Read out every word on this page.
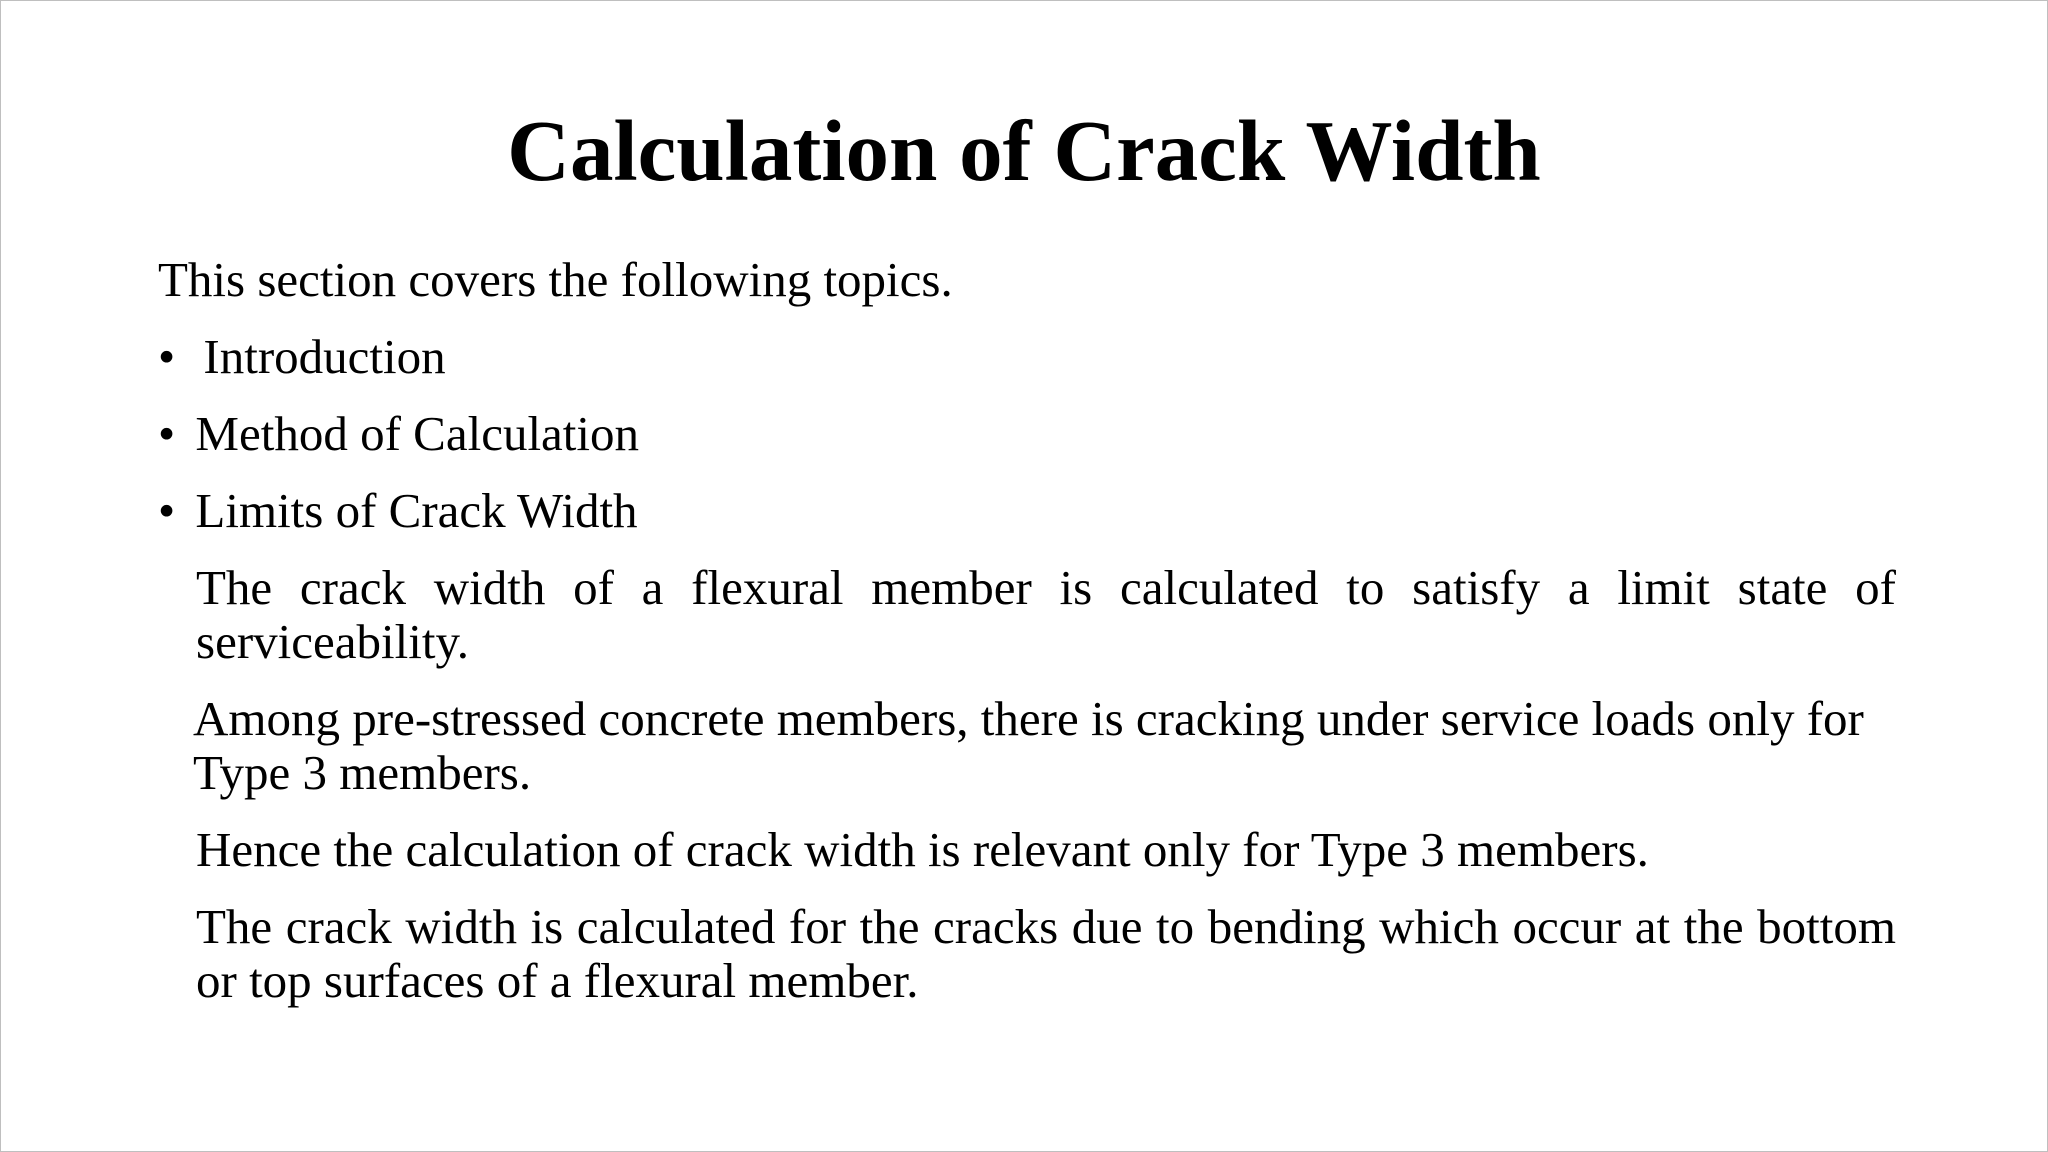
Calculation of Crack Width
This section covers the following topics.
• Introduction
• Method of Calculation
• Limits of Crack Width
The crack width of a flexural member is calculated to satisfy a limit state of serviceability.
Among pre-stressed concrete members, there is cracking under service loads only for Type 3 members.
Hence the calculation of crack width is relevant only for Type 3 members.
The crack width is calculated for the cracks due to bending which occur at the bottom or top surfaces of a flexural member.
